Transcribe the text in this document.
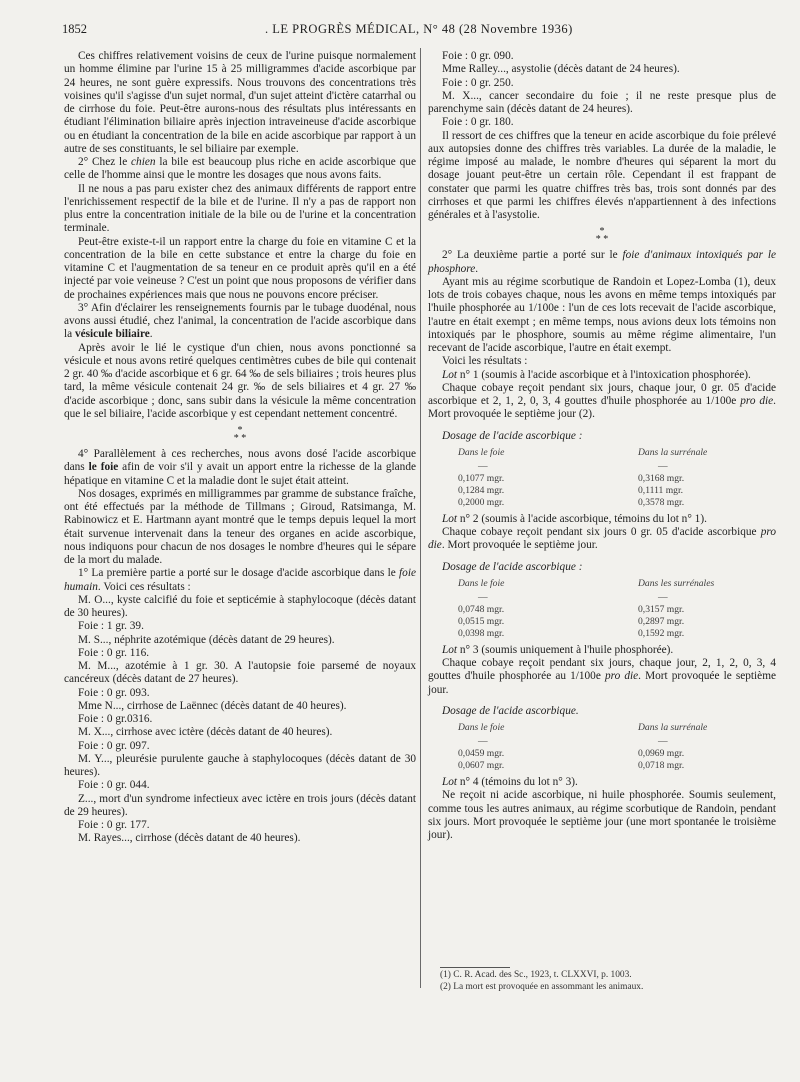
1852	. LE PROGRÈS MÉDICAL, N° 48 (28 Novembre 1936)

Ces chiffres relativement voisins de ceux de l'urine puisque normalement un homme élimine par l'urine 15 à 25 milligrammes d'acide ascorbique par 24 heures, ne sont guère expressifs. Nous trouvons des concentrations très voisines qu'il s'agisse d'un sujet normal, d'un sujet atteint d'ictère catarrhal ou de cirrhose du foie. Peut-être aurons-nous des résultats plus intéressants en étudiant l'élimination biliaire après injection intraveineuse d'acide ascorbique ou en étudiant la concentration de la bile en acide ascorbique par rapport à un autre de ses constituants, le sel biliaire par exemple.

2° Chez le chien la bile est beaucoup plus riche en acide ascorbique que celle de l'homme ainsi que le montre les dosages que nous avons faits.

Il ne nous a pas paru exister chez des animaux différents de rapport entre l'enrichissement respectif de la bile et de l'urine. Il n'y a pas de rapport non plus entre la concentration initiale de la bile ou de l'urine et la concentration terminale.

Peut-être existe-t-il un rapport entre la charge du foie en vitamine C et la concentration de la bile en cette substance et entre la charge du foie en vitamine C et l'augmentation de sa teneur en ce produit après qu'il en a été injecté par voie veineuse ? C'est un point que nous proposons de vérifier dans de prochaines expériences mais que nous ne pouvons encore préciser.

3° Afin d'éclairer les renseignements fournis par le tubage duodénal, nous avons aussi étudié, chez l'animal, la concentration de l'acide ascorbique dans la vésicule biliaire.

Après avoir le lié le cystique d'un chien, nous avons ponctionné sa vésicule et nous avons retiré quelques centimètres cubes de bile qui contenait 2 gr. 40 ‰ d'acide ascorbique et 6 gr. 64 ‰ de sels biliaires ; trois heures plus tard, la même vésicule contenait 24 gr. ‰ de sels biliaires et 4 gr. 27 ‰ d'acide ascorbique ; donc, sans subir dans la vésicule la même concentration que le sel biliaire, l'acide ascorbique y est cependant nettement concentré.

*
* *

4° Parallèlement à ces recherches, nous avons dosé l'acide ascorbique dans le foie afin de voir s'il y avait un apport entre la richesse de la glande hépatique en vitamine C et la maladie dont le sujet était atteint.

Nos dosages, exprimés en milligrammes par gramme de substance fraîche, ont été effectués par la méthode de Tillmans ; Giroud, Ratsimanga, M. Rabinowicz et E. Hartmann ayant montré que le temps depuis lequel la mort était survenue intervenait dans la teneur des organes en acide ascorbique, nous indiquons pour chacun de nos dosages le nombre d'heures qui le sépare de la mort du malade.

1° La première partie a porté sur le dosage d'acide ascorbique dans le foie humain. Voici ces résultats :

M. O..., kyste calcifié du foie et septicémie à staphylocoque (décès datant de 30 heures).

Foie : 1 gr. 39.

M. S..., néphrite azotémique (décès datant de 29 heures).

Foie : 0 gr. 116.

M. M..., azotémie à 1 gr. 30. A l'autopsie foie parsemé de noyaux cancéreux (décès datant de 27 heures).

Foie : 0 gr. 093.

Mme N..., cirrhose de Laënnec (décès datant de 40 heures).

Foie : 0 gr.0316.

M. X..., cirrhose avec ictère (décès datant de 40 heures).

Foie : 0 gr. 097.

M. Y..., pleurésie purulente gauche à staphylocoques (décès datant de 30 heures).

Foie : 0 gr. 044.

Z..., mort d'un syndrome infectieux avec ictère en trois jours (décès datant de 29 heures).

Foie : 0 gr. 177.

M. Rayes..., cirrhose (décès datant de 40 heures).

Foie : 0 gr. 090.

Mme Ralley..., asystolie (décès datant de 24 heures).

Foie : 0 gr. 250.

M. X..., cancer secondaire du foie ; il ne reste presque plus de parenchyme sain (décès datant de 24 heures).

Foie : 0 gr. 180.

Il ressort de ces chiffres que la teneur en acide ascorbique du foie prélevé aux autopsies donne des chiffres très variables. La durée de la maladie, le régime imposé au malade, le nombre d'heures qui séparent la mort du dosage jouant peut-être un certain rôle. Cependant il est frappant de constater que parmi les quatre chiffres très bas, trois sont donnés par des cirrhoses et que parmi les chiffres élevés n'appartiennent à des infections générales et à l'asystolie.

*
* *

2° La deuxième partie a porté sur le foie d'animaux intoxiqués par le phosphore.

Ayant mis au régime scorbutique de Randoin et Lopez-Lomba (1), deux lots de trois cobayes chaque, nous les avons en même temps intoxiqués par l'huile phosphorée au 1/100e : l'un de ces lots recevait de l'acide ascorbique, l'autre en était exempt ; en même temps, nous avions deux lots témoins non intoxiqués par le phosphore, soumis au même régime alimentaire, l'un recevant de l'acide ascorbique, l'autre en était exempt.

Voici les résultats :

Lot n° 1 (soumis à l'acide ascorbique et à l'intoxication phosphorée).

Chaque cobaye reçoit pendant six jours, chaque jour, 0 gr. 05 d'acide ascorbique et 2, 1, 2, 0, 3, 4 gouttes d'huile phosphorée au 1/100e pro die. Mort provoquée le septième jour (2).

Dosage de l'acide ascorbique :
Dans le foie	Dans la surrénale
—	—
0,1077 mgr.	0,3168 mgr.
0,1284 mgr.	0,1111 mgr.
0,2000 mgr.	0,3578 mgr.

Lot n° 2 (soumis à l'acide ascorbique, témoins du lot n° 1).

Chaque cobaye reçoit pendant six jours 0 gr. 05 d'acide ascorbique pro die. Mort provoquée le septième jour.

Dosage de l'acide ascorbique :
Dans le foie	Dans les surrénales
—	—
0,0748 mgr.	0,3157 mgr.
0,0515 mgr.	0,2897 mgr.
0,0398 mgr.	0,1592 mgr.

Lot n° 3 (soumis uniquement à l'huile phosphorée).

Chaque cobaye reçoit pendant six jours, chaque jour, 2, 1, 2, 0, 3, 4 gouttes d'huile phosphorée au 1/100e pro die. Mort provoquée le septième jour.

Dosage de l'acide ascorbique.
Dans le foie	Dans la surrénale
—	—
0,0459 mgr.	0,0969 mgr.
0,0607 mgr.	0,0718 mgr.

Lot n° 4 (témoins du lot n° 3).

Ne reçoit ni acide ascorbique, ni huile phosphorée. Soumis seulement, comme tous les autres animaux, au régime scorbutique de Randoin, pendant six jours. Mort provoquée le septième jour (une mort spontanée le troisième jour).

(1) C. R. Acad. des Sc., 1923, t. CLXXVI, p. 1003.
(2) La mort est provoquée en assommant les animaux.
